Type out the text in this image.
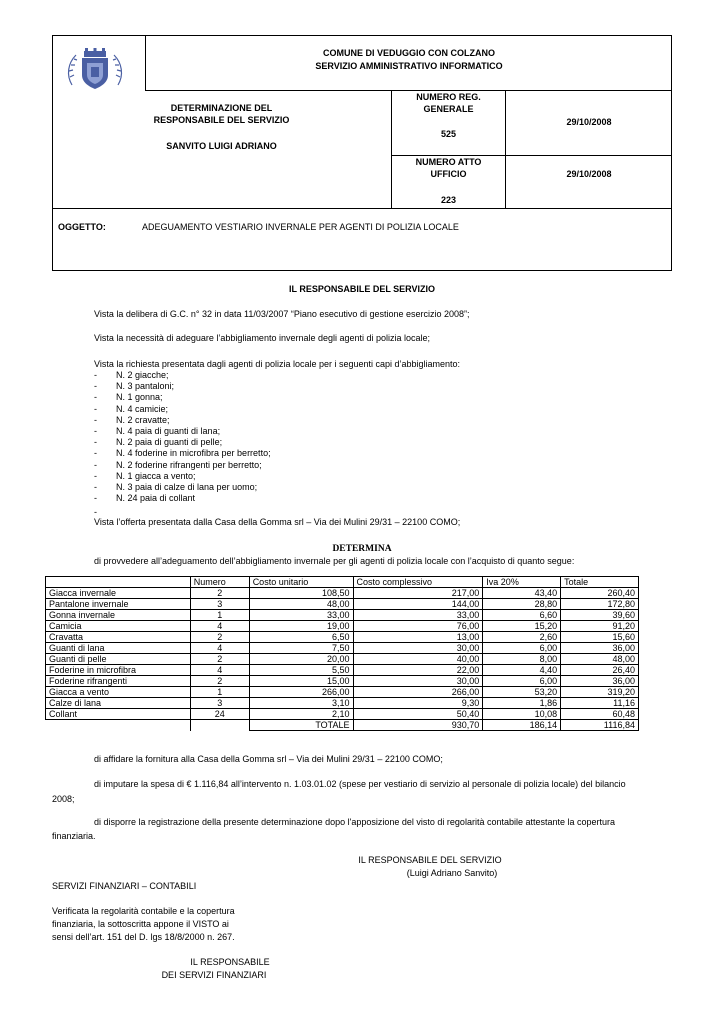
COMUNE DI VEDUGGIO CON COLZANO
SERVIZIO AMMINISTRATIVO INFORMATICO
DETERMINAZIONE DEL
RESPONSABILE DEL SERVIZIO
SANVITO LUIGI ADRIANO
NUMERO REG.
GENERALE
525
29/10/2008
NUMERO ATTO
UFFICIO
223
29/10/2008
OGGETTO:	ADEGUAMENTO VESTIARIO INVERNALE PER AGENTI DI POLIZIA LOCALE
IL RESPONSABILE DEL SERVIZIO

Vista la delibera di G.C. n° 32 in data 11/03/2007 “Piano esecutivo di gestione esercizio 2008”;

Vista la necessità di adeguare l’abbigliamento invernale degli agenti di polizia locale;

Vista la richiesta presentata dagli agenti di polizia locale per i seguenti capi d’abbigliamento:

- N. 2 giacche;
- N. 3 pantaloni;
- N. 1 gonna;
- N. 4 camicie;
- N. 2 cravatte;
- N. 4 paia di guanti di lana;
- N. 2 paia di guanti di pelle;
- N. 4 foderine in microfibra per berretto;
- N. 2 foderine rifrangenti per berretto;
- N. 1 giacca a vento;
- N. 3 paia di calze di lana per uomo;
- N. 24 paia di collant

-

Vista l’offerta presentata dalla Casa della Gomma srl – Via dei Mulini 29/31 – 22100 COMO;

DETERMINA

di provvedere all’adeguamento dell’abbigliamento invernale per gli agenti di polizia locale con l’acquisto di quanto segue:

	Numero	Costo unitario	Costo complessivo	Iva 20%	Totale
Giacca invernale	2	108,50	217,00	43,40	260,40
Pantalone invernale	3	48,00	144,00	28,80	172,80
Gonna invernale	1	33,00	33,00	6,60	39,60
Camicia	4	19,00	76,00	15,20	91,20
Cravatta	2	6,50	13,00	2,60	15,60
Guanti di lana	4	7,50	30,00	6,00	36,00
Guanti di pelle	2	20,00	40,00	8,00	48,00
Foderine in microfibra	4	5,50	22,00	4,40	26,40
Foderine rifrangenti	2	15,00	30,00	6,00	36,00
Giacca a vento	1	266,00	266,00	53,20	319,20
Calze di lana	3	3,10	9,30	1,86	11,16
Collant	24	2,10	50,40	10,08	60,48
		TOTALE	930,70	186,14	1116,84

di affidare la fornitura alla Casa della Gomma srl – Via dei Mulini 29/31 – 22100 COMO;

di imputare la spesa di € 1.116,84 all’intervento n. 1.03.01.02 (spese per vestiario di servizio al personale di polizia locale) del bilancio

2008;

di disporre la registrazione della presente determinazione dopo l'apposizione del visto di regolarità contabile attestante la copertura

finanziaria.

IL RESPONSABILE DEL SERVIZIO
(Luigi Adriano Sanvito)

SERVIZI FINANZIARI – CONTABILI

Verificata la regolarità contabile e la copertura

finanziaria, la sottoscritta appone il VISTO ai

sensi dell’art. 151 del D. lgs 18/8/2000 n. 267.

IL RESPONSABILE
DEI SERVIZI FINANZIARI
